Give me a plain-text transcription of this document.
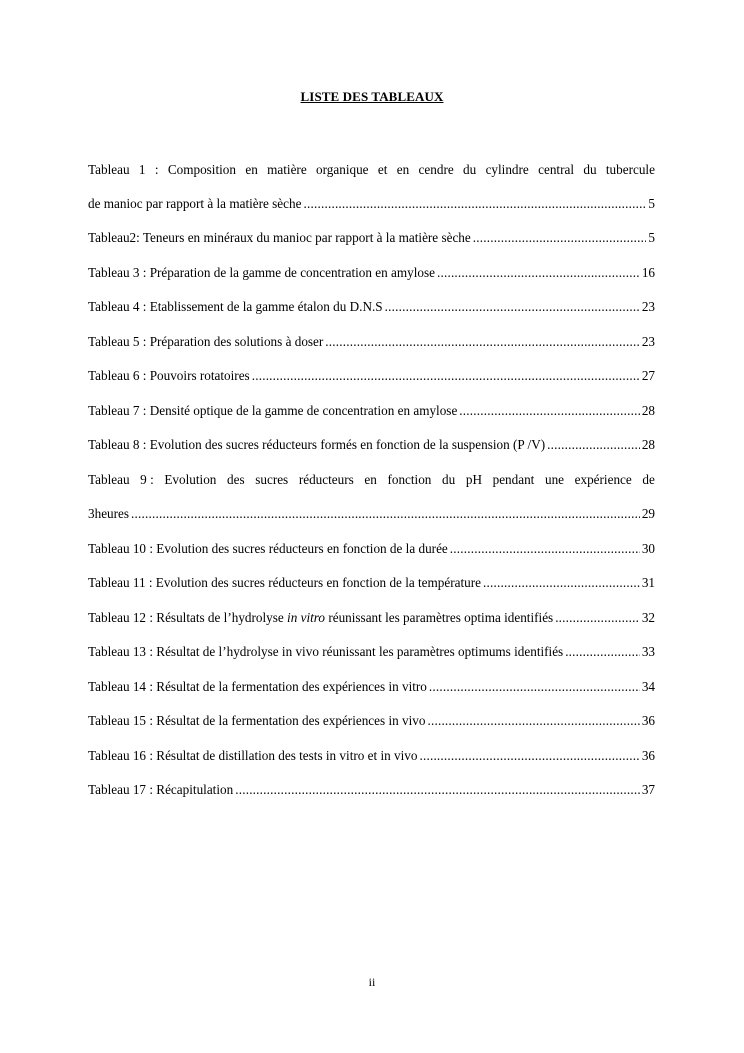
LISTE DES TABLEAUX
Tableau 1 : Composition en matière organique et en cendre du cylindre central du tubercule
de manioc par rapport à la matière sèche .....	5
Tableau2: Teneurs en minéraux du manioc par rapport à la matière sèche .....	5
Tableau 3 : Préparation de la gamme de concentration en amylose .....	16
Tableau 4 : Etablissement de la gamme étalon du D.N.S .....	23
Tableau 5 : Préparation des solutions à doser .....	23
Tableau 6 : Pouvoirs rotatoires .....	27
Tableau 7 : Densité optique de la gamme de concentration en amylose .....	28
Tableau 8 : Evolution des sucres réducteurs formés en fonction de la suspension (P /V) .....	28
Tableau 9 : Evolution des sucres réducteurs en fonction du pH pendant une expérience de
3heures .....	29
Tableau 10 : Evolution des sucres réducteurs en fonction de la durée .....	30
Tableau 11 : Evolution des sucres réducteurs en fonction de la température .....	31
Tableau 12 : Résultats de l’hydrolyse in vitro réunissant les paramètres optima identifiés .....	32
Tableau 13 : Résultat de l’hydrolyse in vivo réunissant les paramètres optimums identifiés .....	33
Tableau 14 : Résultat de la fermentation des expériences in vitro .....	34
Tableau 15 : Résultat de la fermentation des expériences in vivo .....	36
Tableau 16 : Résultat de distillation des tests in vitro et in vivo .....	36
Tableau 17 : Récapitulation .....	37
ii
